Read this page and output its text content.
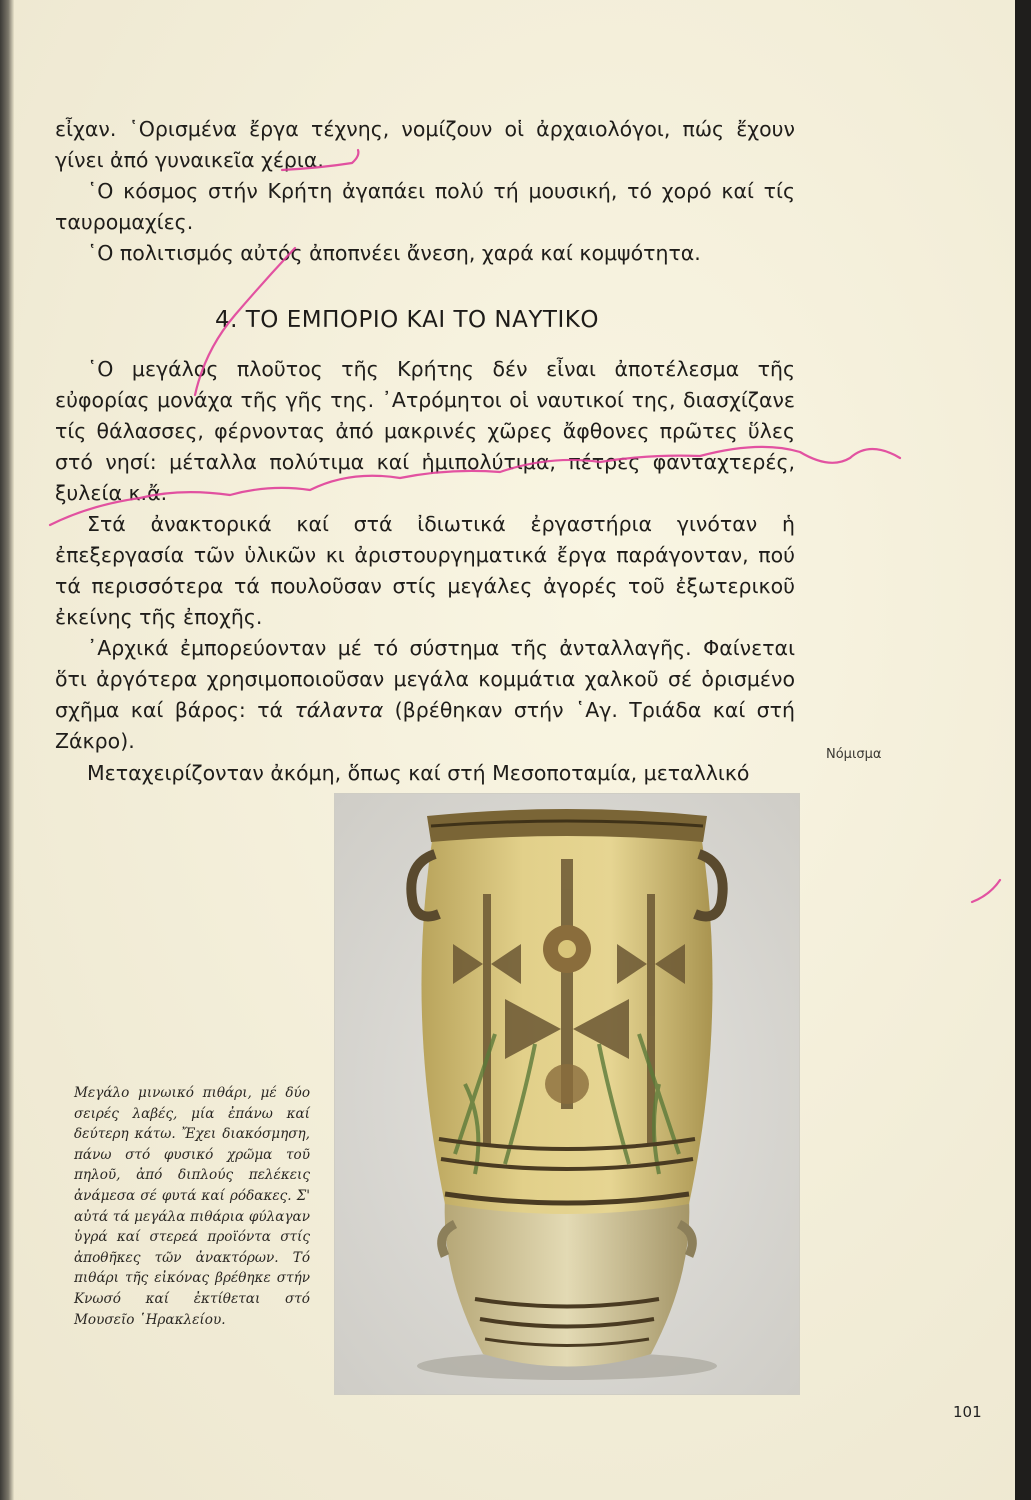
εἶχαν. ῾Ορισμένα ἔργα τέχνης, νομίζουν οἱ ἀρχαιολόγοι, πώς ἔχουν γίνει ἀπό γυναικεῖα χέρια.

῾Ο κόσμος στήν Κρήτη ἀγαπάει πολύ τή μουσική, τό χορό καί τίς ταυρομαχίες.

῾Ο πολιτισμός αὐτός ἀποπνέει ἄνεση, χαρά καί κομψότητα.

4. ΤΟ ΕΜΠΟΡΙΟ ΚΑΙ ΤΟ ΝΑΥΤΙΚΟ

῾Ο μεγάλος πλοῦτος τῆς Κρήτης δέν εἶναι ἀποτέλεσμα τῆς εὐφορίας μονάχα τῆς γῆς της. ᾿Ατρόμητοι οἱ ναυτικοί της, διασχίζανε τίς θάλασσες, φέρνοντας ἀπό μακρινές χῶρες ἄφθονες πρῶτες ὕλες στό νησί: μέταλλα πολύτιμα καί ἡμιπολύτιμα, πέτρες φανταχτερές, ξυλεία κ.ἄ.

Στά ἀνακτορικά καί στά ἰδιωτικά ἐργαστήρια γινόταν ἡ ἐπεξεργασία τῶν ὑλικῶν κι ἀριστουργηματικά ἔργα παράγονταν, πού τά περισσότερα τά πουλοῦσαν στίς μεγάλες ἀγορές τοῦ ἐξωτερικοῦ ἐκείνης τῆς ἐποχῆς.

᾿Αρχικά ἐμπορεύονταν μέ τό σύστημα τῆς ἀνταλλαγῆς. Φαίνεται ὅτι ἀργότερα χρησιμοποιοῦσαν μεγάλα κομμάτια χαλκοῦ σέ ὁρισμένο σχῆμα καί βάρος: τά τάλαντα (βρέθηκαν στήν ῾Αγ. Τριάδα καί στή Ζάκρο).

Μεταχειρίζονταν ἀκόμη, ὅπως καί στή Μεσοποταμία, μεταλλικό

Νόμισμα

Μεγάλο μινωικό πιθάρι, μέ δύο σειρές λαβές, μία ἐπάνω καί δεύτερη κάτω. Ἔχει διακόσμηση, πάνω στό φυσικό χρῶμα τοῦ πηλοῦ, ἀπό διπλούς πελέκεις ἀνάμεσα σέ φυτά καί ρόδακες. Σ' αὐτά τά μεγάλα πιθάρια φύλαγαν ὑγρά καί στερεά προϊόντα στίς ἀποθῆκες τῶν ἀνακτόρων. Τό πιθάρι τῆς εἰκόνας βρέθηκε στήν Κνωσό καί ἐκτίθεται στό Μουσεῖο ῾Ηρακλείου.

101
